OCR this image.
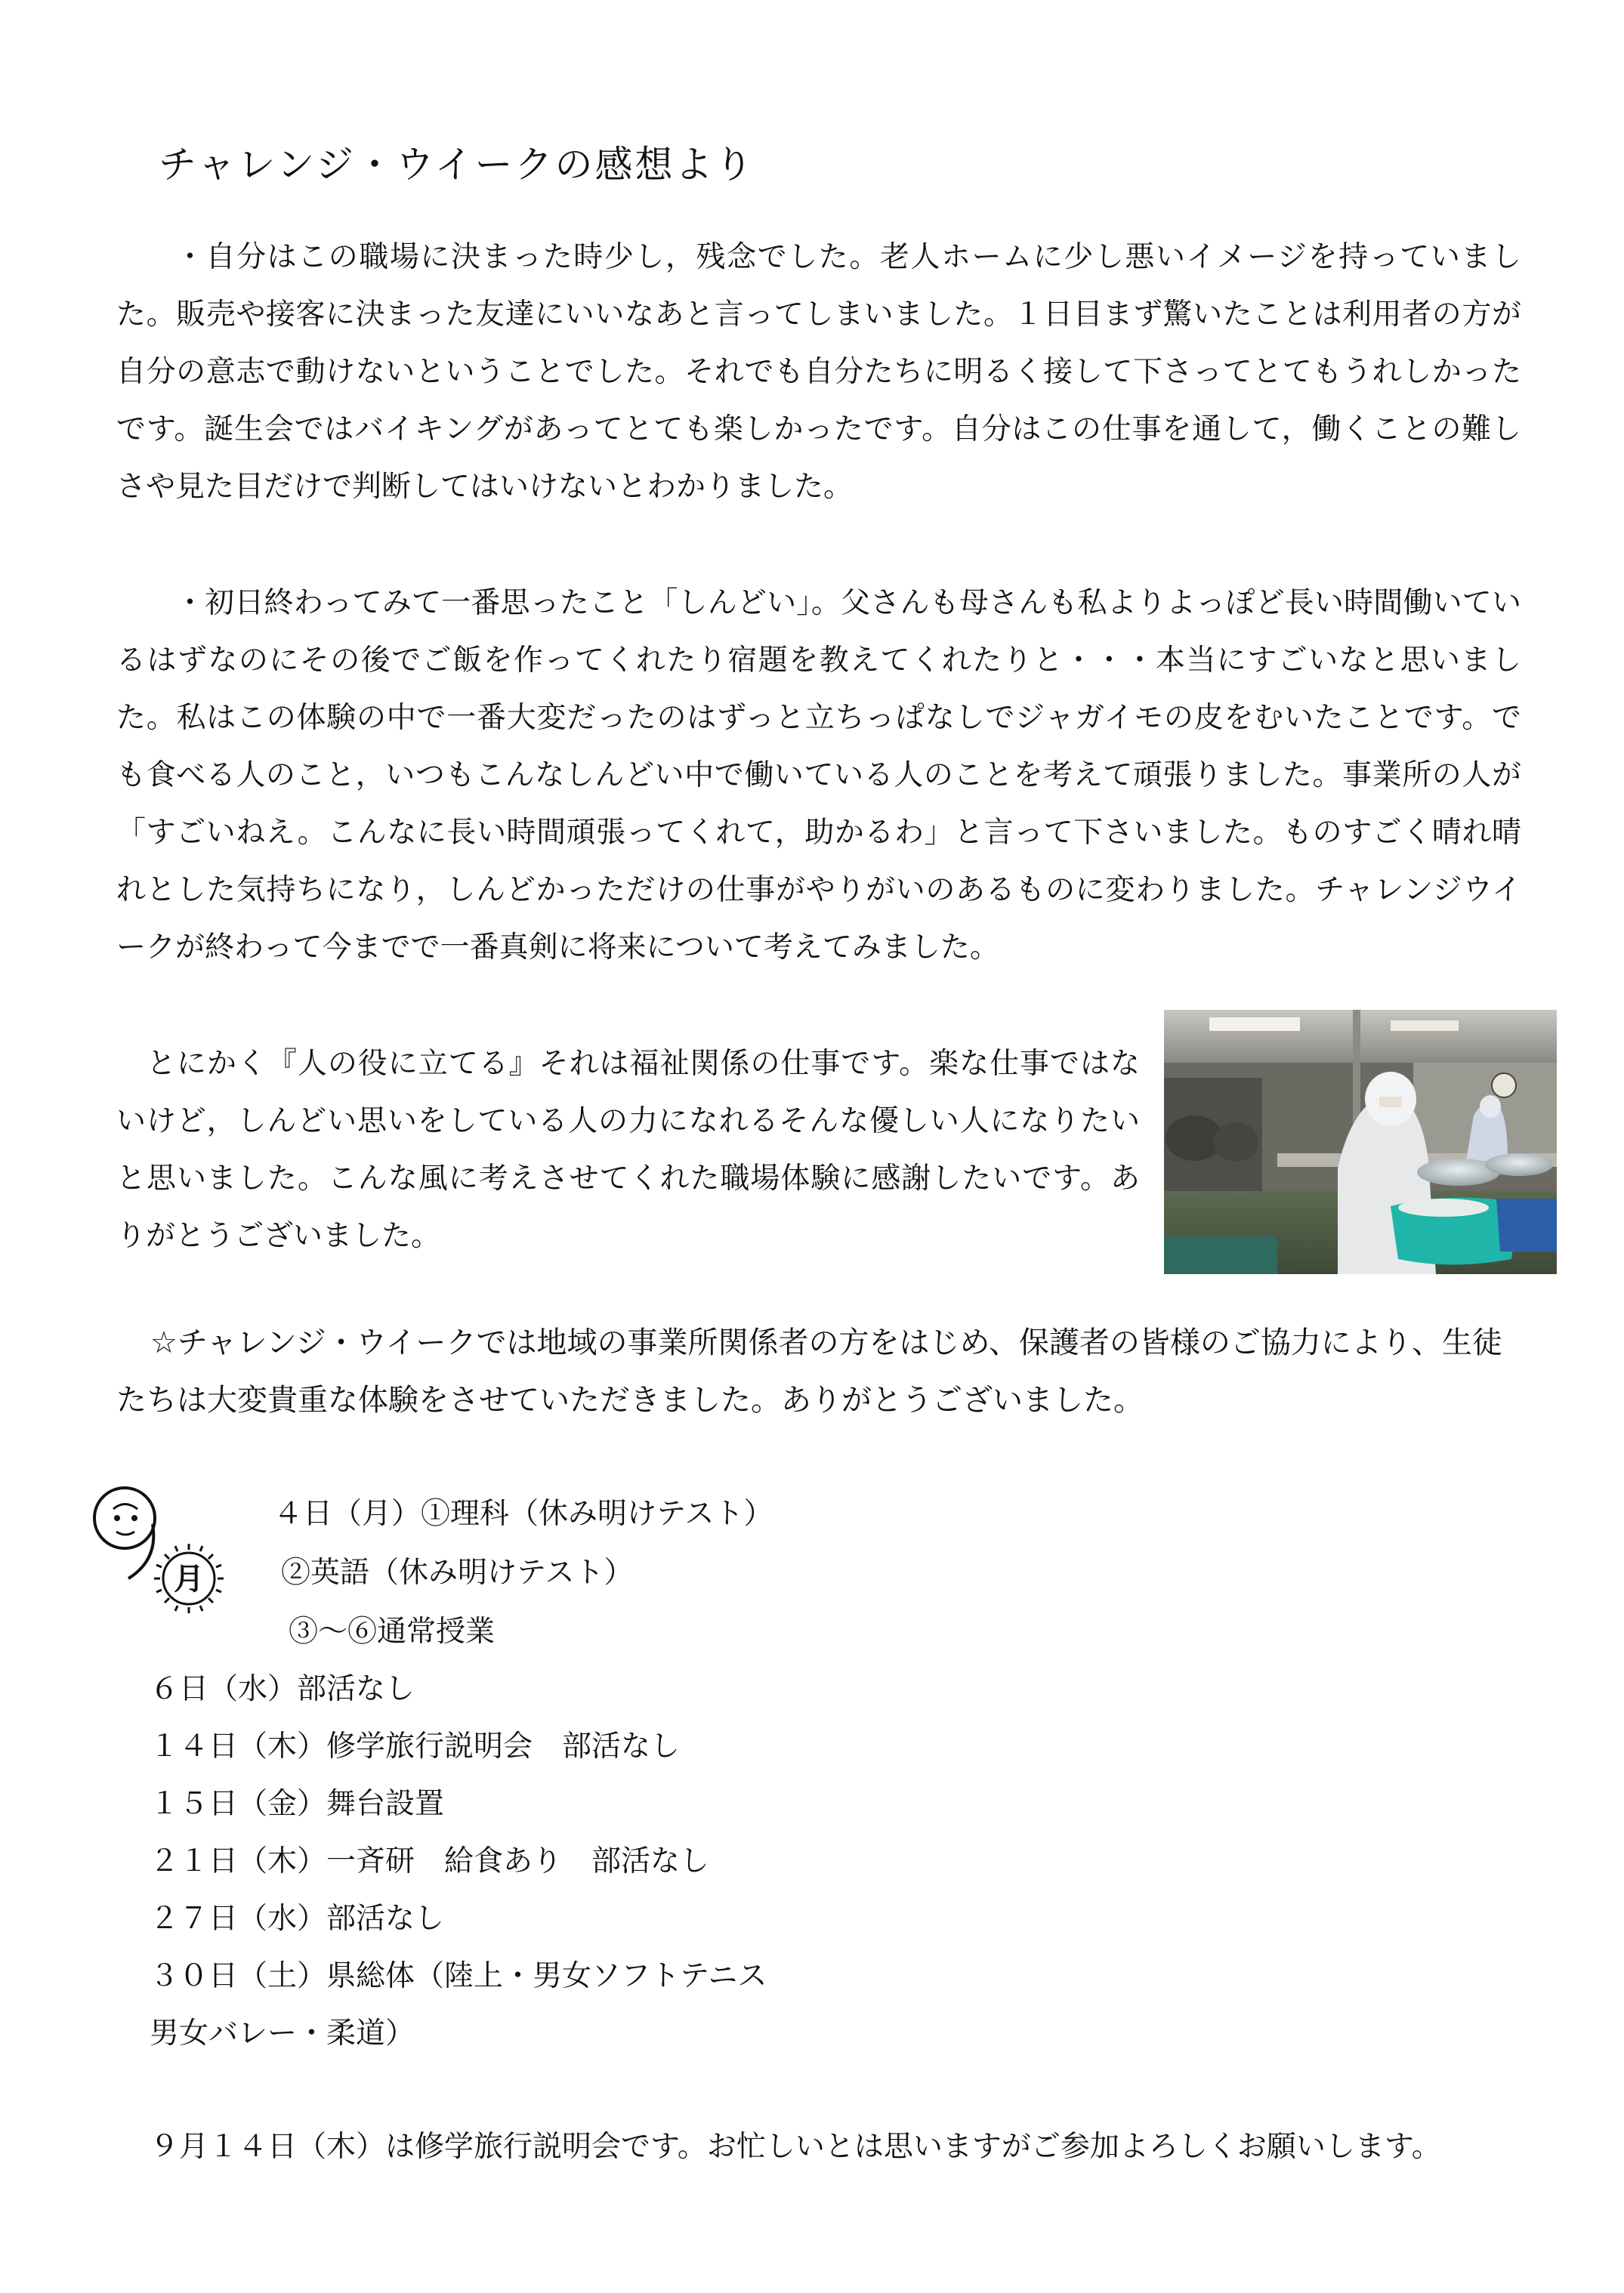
チャレンジ・ウイークの感想より
・自分はこの職場に決まった時少し，残念でした。老人ホームに少し悪いイメージを持っていました。販売や接客に決まった友達にいいなあと言ってしまいました。１日目まず驚いたことは利用者の方が自分の意志で動けないということでした。それでも自分たちに明るく接して下さってとてもうれしかったです。誕生会ではバイキングがあってとても楽しかったです。自分はこの仕事を通して，働くことの難しさや見た目だけで判断してはいけないとわかりました。
・初日終わってみて一番思ったこと「しんどい」。父さんも母さんも私よりよっぽど長い時間働いているはずなのにその後でご飯を作ってくれたり宿題を教えてくれたりと・・・本当にすごいなと思いました。私はこの体験の中で一番大変だったのはずっと立ちっぱなしでジャガイモの皮をむいたことです。でも食べる人のこと，いつもこんなしんどい中で働いている人のことを考えて頑張りました。事業所の人が「すごいねえ。こんなに長い時間頑張ってくれて，助かるわ」と言って下さいました。ものすごく晴れ晴れとした気持ちになり，しんどかっただけの仕事がやりがいのあるものに変わりました。チャレンジウイークが終わって今までで一番真剣に将来について考えてみました。
とにかく『人の役に立てる』それは福祉関係の仕事です。楽な仕事ではないけど，しんどい思いをしている人の力になれるそんな優しい人になりたいと思いました。こんな風に考えさせてくれた職場体験に感謝したいです。ありがとうございました。
☆チャレンジ・ウイークでは地域の事業所関係者の方をはじめ、保護者の皆様のご協力により、生徒たちは大変貴重な体験をさせていただきました。ありがとうございました。
月
４日（月）①理科（休み明けテスト）
②英語（休み明けテスト）
③～⑥通常授業
６日（水）部活なし
１４日（木）修学旅行説明会　部活なし
１５日（金）舞台設置
２１日（木）一斉研　給食あり　部活なし
２７日（水）部活なし
３０日（土）県総体（陸上・男女ソフトテニス
男女バレー・柔道）
９月１４日（木）は修学旅行説明会です。お忙しいとは思いますがご参加よろしくお願いします。
